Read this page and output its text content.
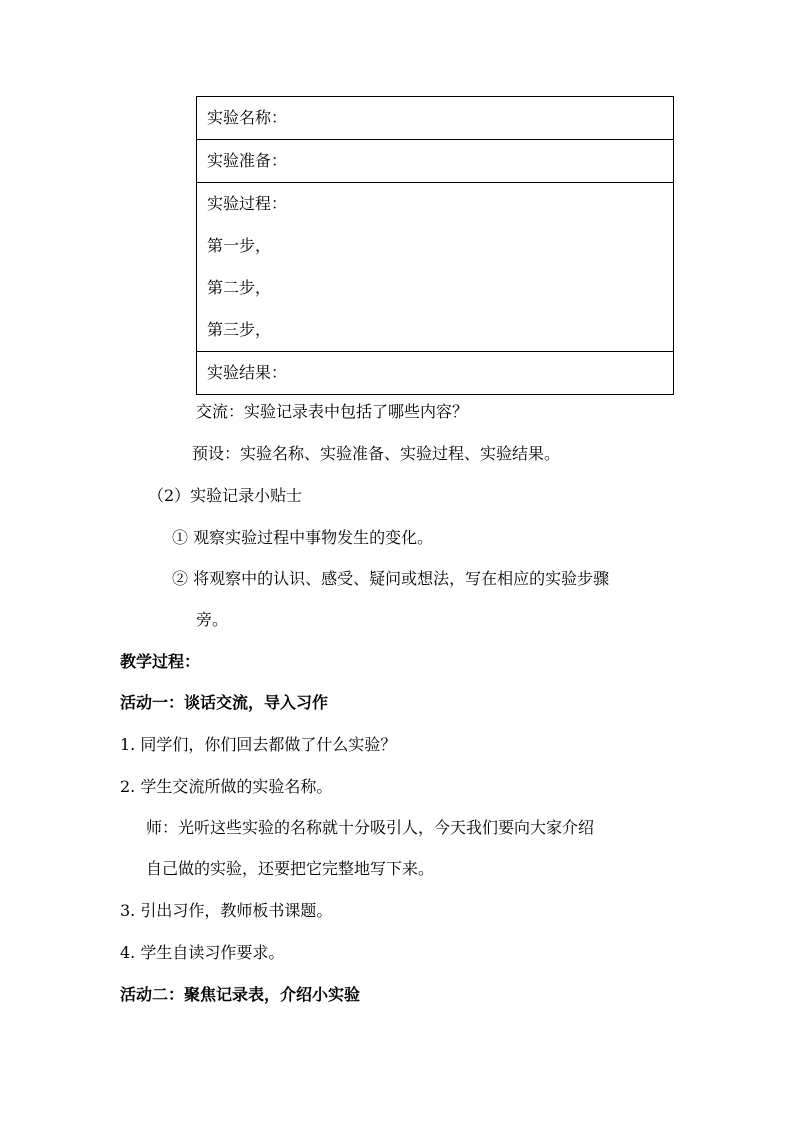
实验名称：

实验准备：

实验过程：
第一步，
第二步，
第三步，

实验结果：
交流：实验记录表中包括了哪些内容？
预设：实验名称、实验准备、实验过程、实验结果。
（2）实验记录小贴士
① 观察实验过程中事物发生的变化。
② 将观察中的认识、感受、疑问或想法，写在相应的实验步骤
旁。
教学过程：
活动一：谈话交流，导入习作
1. 同学们，你们回去都做了什么实验？
2. 学生交流所做的实验名称。
师：光听这些实验的名称就十分吸引人，今天我们要向大家介绍
自己做的实验，还要把它完整地写下来。
3. 引出习作，教师板书课题。
4. 学生自读习作要求。
活动二：聚焦记录表，介绍小实验
